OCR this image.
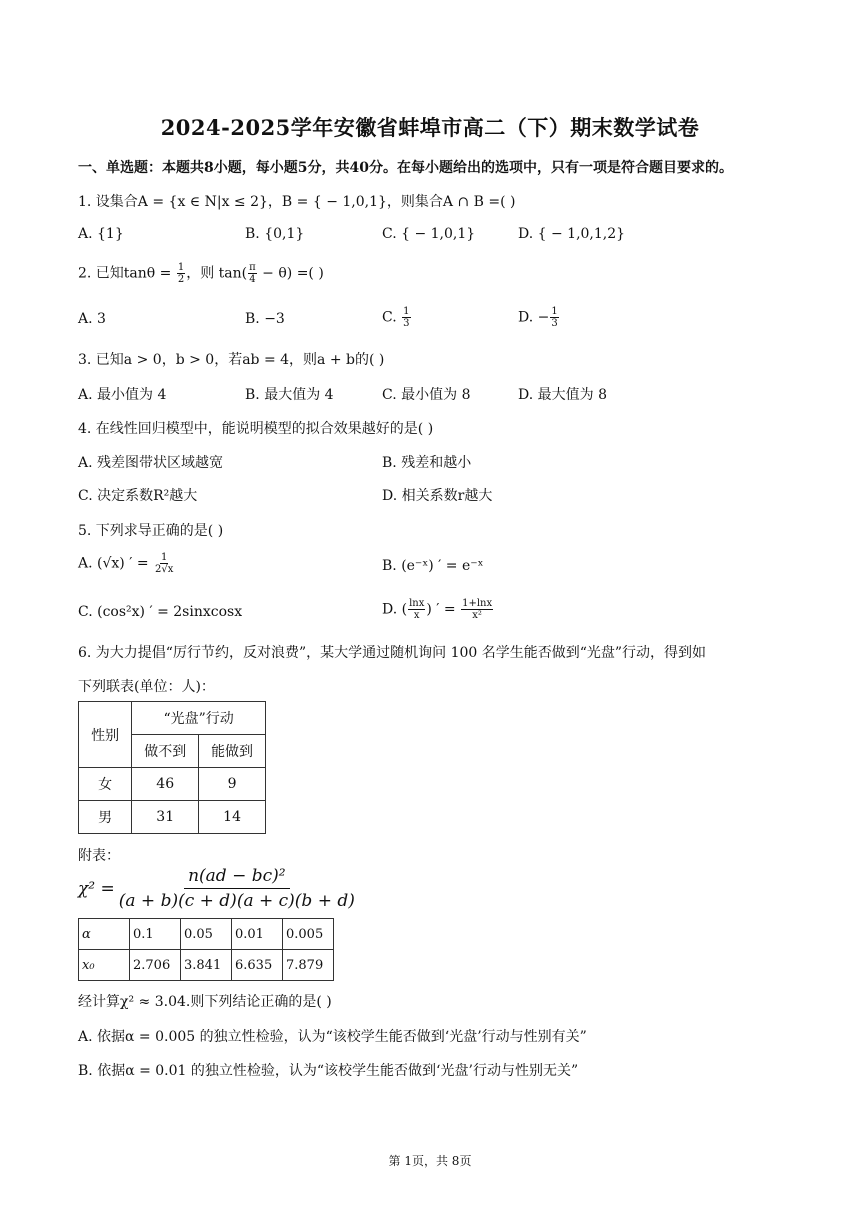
2024-2025学年安徽省蚌埠市高二（下）期末数学试卷
一、单选题：本题共8小题，每小题5分，共40分。在每小题给出的选项中，只有一项是符合题目要求的。
1. 设集合A = {x ∈ N|x ≤ 2}，B = { − 1,0,1}，则集合A ∩ B =( )
A. {1}	B. {0,1}	C. { − 1,0,1}	D. { − 1,0,1,2}
2. 已知$\tan\theta = \frac{1}{2}$ ，则 $\tan( \frac{\pi}{4} - \theta)$ =( )
A. 3	B. −3	C. $\frac{1}{3}$	D. − $\frac{1}{3}$
3. 已知a > 0，b > 0，若ab = 4，则a + b的( )
A. 最小值为 4	B. 最大值为 4	C. 最小值为 8	D. 最大值为 8
4. 在线性回归模型中，能说明模型的拟合效果越好的是( )
A. 残差图带状区域越宽	B. 残差和越小
C. 决定系数R²越大	D. 相关系数r越大
5. 下列求导正确的是( )
A. (√x) ′ = $\frac{1}{2√x}$	B. (e⁻ˣ) ′ = e⁻ˣ
C. (cos²x) ′ = 2sinxcosx	D. ( $\frac{\ln x}{x}$ ) ′ = $\frac{1+\ln x}{\text{x²}}$
6. 为大力提倡“厉行节约，反对浪费”，某大学通过随机询问 100 名学生能否做到“光盘”行动，得到如
下列联表(单位：人)：
性别	“光盘”行动	
	做不到	能做到
女	46	9
男	31	14
附表：
$\chi^2 = \frac{\text{n(ad − bc)²}}{(a + b)(c + d)(a + c)(b + d)}$
α	0.1	0.05	0.01	0.005
x₀	2.706	3.841	6.635	7.879
经计算χ² ≈ 3.04.则下列结论正确的是( )
A. 依据α = 0.005 的独立性检验，认为“该校学生能否做到‘光盘’行动与性别有关”
B. 依据α = 0.01 的独立性检验，认为“该校学生能否做到‘光盘’行动与性别无关”
第 1页，共 8页
